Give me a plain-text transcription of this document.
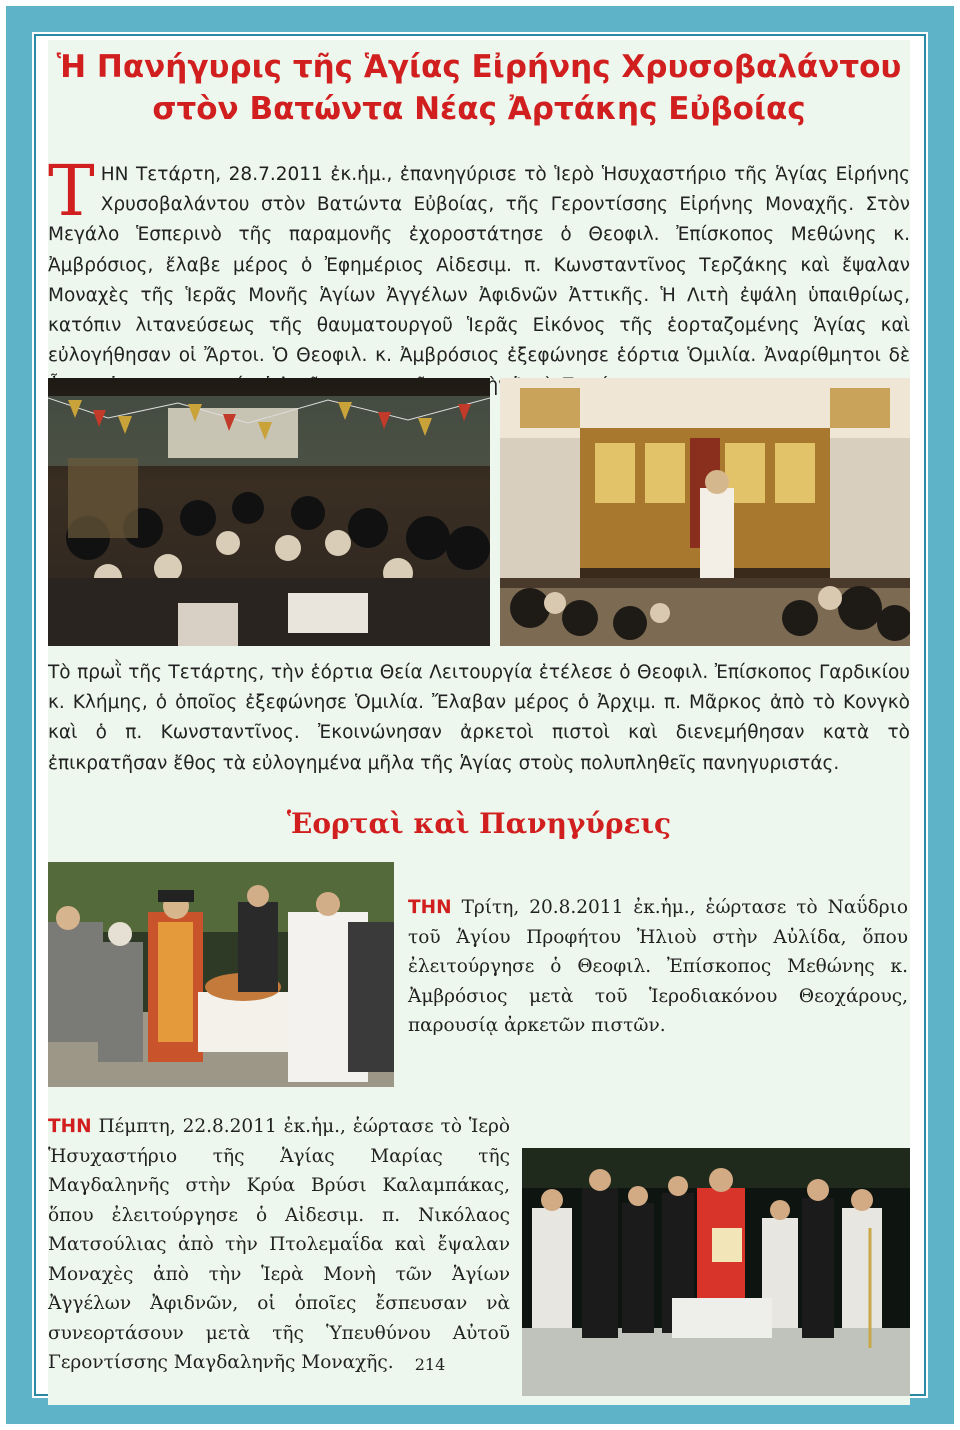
Ἡ Πανήγυρις τῆς Ἁγίας Εἰρήνης Χρυσοβαλάντου
στὸν Βατώντα Νέας Ἀρτάκης Εὐβοίας

ΤΗΝ Τετάρτη, 28.7.2011 ἐκ.ἡμ., ἐπανηγύρισε τὸ Ἱερὸ Ἡσυχαστήριο τῆς Ἁγίας Εἰρήνης Χρυσοβαλάντου στὸν Βατώντα Εὐβοίας, τῆς Γεροντίσσης Εἰρήνης Μοναχῆς. Στὸν Μεγάλο Ἑσπερινὸ τῆς παραμονῆς ἐχοροστάτησε ὁ Θεοφιλ. Ἐπίσκοπος Μεθώνης κ. Ἀμβρόσιος, ἔλαβε μέρος ὁ Ἐφημέριος Αἰδεσιμ. π. Κωνσταντῖνος Τερζάκης καὶ ἔψαλαν Μοναχὲς τῆς Ἱερᾶς Μονῆς Ἁγίων Ἀγγέλων Ἀφιδνῶν Ἀττικῆς. Ἡ Λιτὴ ἐψάλη ὑπαιθρίως, κατόπιν λιτανεύσεως τῆς θαυματουργοῦ Ἱερᾶς Εἰκόνος τῆς ἑορταζομένης Ἁγίας καὶ εὐλογήθησαν οἱ Ἄρτοι. Ὁ Θεοφιλ. κ. Ἀμβρόσιος ἐξεφώνησε ἑόρτια Ὁμιλία. Ἀναρίθμητοι δὲ

Τὸ πρωῒ τῆς Τετάρτης, τὴν ἑόρτια Θεία Λειτουργία ἐτέλεσε ὁ Θεοφιλ. Ἐπίσκοπος Γαρδικίου κ. Κλήμης, ὁ ὁποῖος ἐξεφώνησε Ὁμιλία. Ἔλαβαν μέρος ὁ Ἀρχιμ. π. Μᾶρκος ἀπὸ τὸ Κονγκὸ καὶ ὁ π. Κωνσταντῖνος. Ἐκοινώνησαν ἀρκετοὶ πιστοὶ καὶ διενεμήθησαν κατὰ τὸ ἐπικρατῆσαν ἔθος τὰ εὐλογημένα μῆλα τῆς Ἁγίας στοὺς πολυπληθεῖς πανηγυριστάς.

Ἑορταὶ καὶ Πανηγύρεις

ΤΗΝ Τρίτη, 20.8.2011 ἐκ.ἡμ., ἑώρτασε τὸ Ναΰδριο τοῦ Ἁγίου Προφήτου Ἠλιοὺ στὴν Αὐλίδα, ὅπου ἐλειτούργησε ὁ Θεοφιλ. Ἐπίσκοπος Μεθώνης κ. Ἀμβρόσιος μετὰ τοῦ Ἱεροδιακόνου Θεοχάρους, παρουσίᾳ ἀρκετῶν πιστῶν.

ΤΗΝ Πέμπτη, 22.8.2011 ἐκ.ἡμ., ἑώρτασε τὸ Ἱερὸ Ἡσυχαστήριο τῆς Ἁγίας Μαρίας τῆς Μαγδαληνῆς στὴν Κρύα Βρύσι Καλαμπάκας, ὅπου ἐλειτούργησε ὁ Αἰδεσιμ. π. Νικόλαος Ματσούλιας ἀπὸ τὴν Πτολεμαΐδα καὶ ἔψαλαν Μοναχὲς ἀπὸ τὴν Ἱερὰ Μονὴ τῶν Ἁγίων Ἀγγέλων Ἀφιδνῶν, οἱ ὁποῖες ἔσπευσαν νὰ συνεορτάσουν μετὰ τῆς Ὑπευθύνου Αὐτοῦ Γεροντίσσης Μαγδαληνῆς Μοναχῆς.	214
